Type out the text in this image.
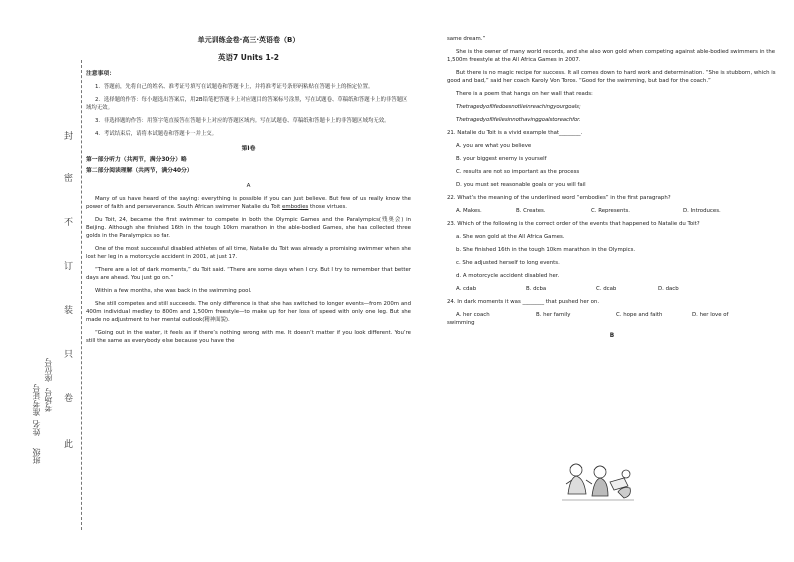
封
密
不
订
装
只
卷
此
班级
姓名
准考证号 考场号
座位号
单元训练金卷·高三·英语卷（B）
英语7 Units 1-2
注意事项：
1．答题前，先将自己的姓名、准考证号填写在试题卷和答题卡上，并将准考证号条形码粘贴在答题卡上的指定位置。
2．选择题的作答：每小题选出答案后，用2B铅笔把答题卡上对应题目的答案标号涂黑，写在试题卷、草稿纸和答题卡上的非答题区域均无效。
3．非选择题的作答：用签字笔直接答在答题卡上对应的答题区域内。写在试题卷、草稿纸和答题卡上的非答题区域均无效。
4．考试结束后，请将本试题卷和答题卡一并上交。
第Ⅰ卷
第一部分听力（共两节，满分30分）略
第二部分阅读理解（共两节，满分40分）
A
Many of us have heard of the saying: everything is possible if you can just believe. But few of us really know the power of faith and perseverance. South African swimmer Natalie du Toit embodies those virtues.
Du Toit, 24, became the first swimmer to compete in both the Olympic Games and the Paralympics(残奥会) in Beijing. Although she finished 16th in the tough 10km marathon in the able-bodied Games, she has collected three golds in the Paralympics so far.
One of the most successful disabled athletes of all time, Natalie du Toit was already a promising swimmer when she lost her leg in a motorcycle accident in 2001, at just 17.
“There are a lot of dark moments,” du Toit said. “There are some days when I cry. But I try to remember that better days are ahead. You just go on.”
Within a few months, she was back in the swimming pool.
She still competes and still succeeds. The only difference is that she has switched to longer events—from 200m and 400m individual medley to 800m and 1,500m freestyle—to make up for her loss of speed with only one leg. But she made no adjustment to her mental outlook(精神面貌).
“Going out in the water, it feels as if there’s nothing wrong with me. It doesn’t matter if you look different. You’re still the same as everybody else because you have the
same dream.”
She is the owner of many world records, and she also won gold when competing against able-bodied swimmers in the 1,500m freestyle at the All Africa Games in 2007.
But there is no magic recipe for success. It all comes down to hard work and determination. “She is stubborn, which is good and bad,” said her coach Karoly Von Toros. “Good for the swimming, but bad for the coach.”
There is a poem that hangs on her wall that reads:
Thetragedyoflifedoesnotlieinreachingyourgoals;
Thetragedyoflifeliesinnothavinggoalstoreachfor.
21. Natalie du Toit is a vivid example that________.
A. you are what you believe
B. your biggest enemy is yourself
C. results are not so important as the process
D. you must set reasonable goals or you will fail
22. What’s the meaning of the underlined word “embodies” in the first paragraph?
A. Makes.	B. Creates.	C. Represents.	D. Introduces.
23. Which of the following is the correct order of the events that happened to Natalie du Toit?
a. She won gold at the All Africa Games.
b. She finished 16th in the tough 10km marathon in the Olympics.
c. She adjusted herself to long events.
d. A motorcycle accident disabled her.
A. cdab	B. dcba	C. dcab	D. dacb
24. In dark moments it was ________ that pushed her on.
A. her coach	B. her family	C. hope and faith	D. her love of
swimming
B
